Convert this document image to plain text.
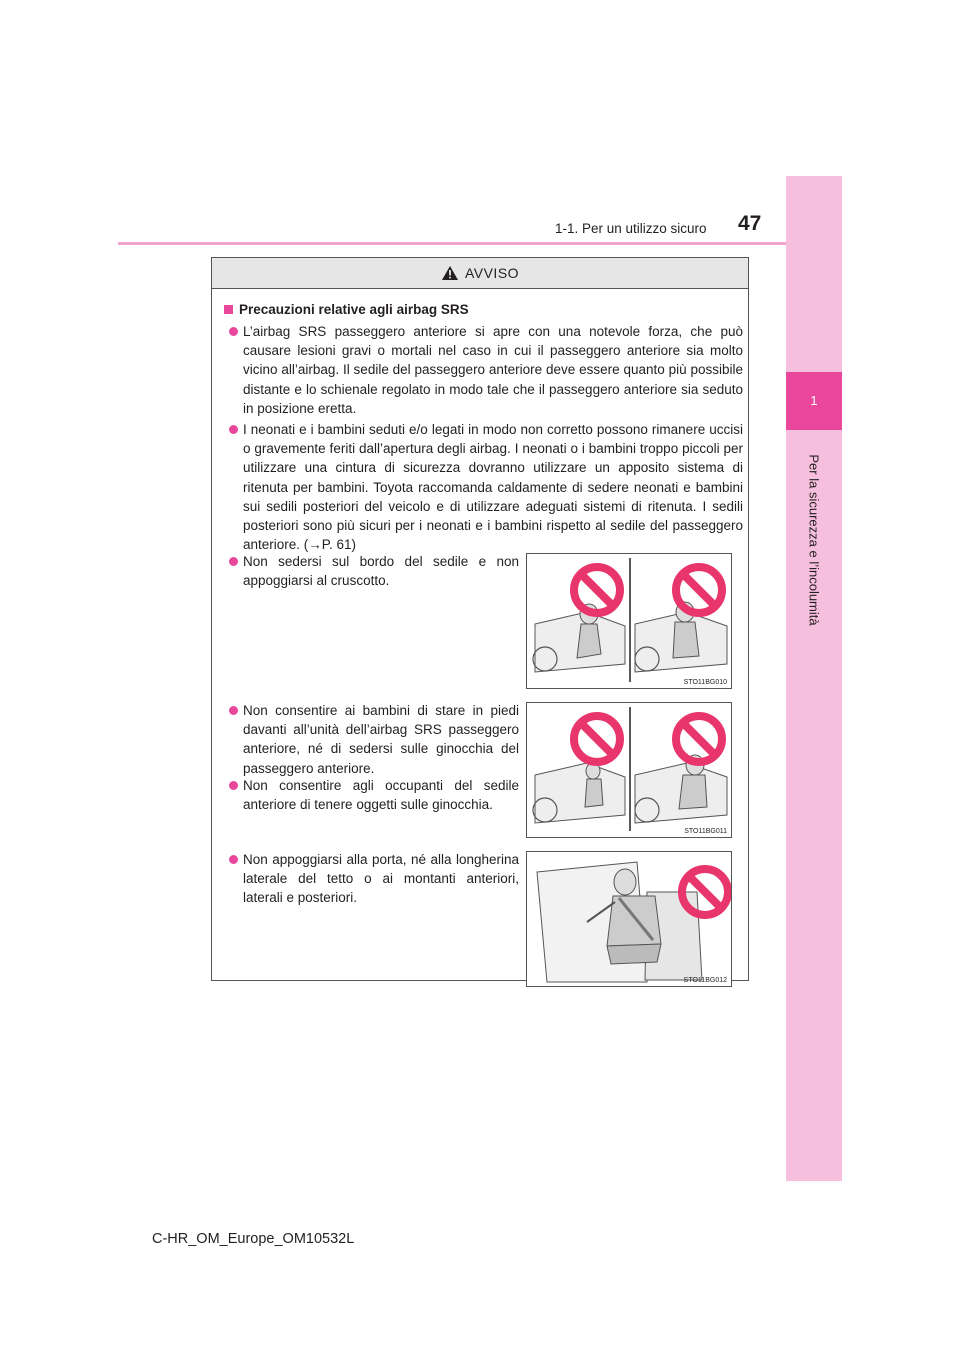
1
Per la sicurezza e l’incolumità
1-1. Per un utilizzo sicuro 47
AVVISO
Precauzioni relative agli airbag SRS
L’airbag SRS passeggero anteriore si apre con una notevole forza, che può causare lesioni gravi o mortali nel caso in cui il passeggero anteriore sia molto vicino all’airbag. Il sedile del passeggero anteriore deve essere quanto più possibile distante e lo schienale regolato in modo tale che il passeggero anteriore sia seduto in posizione eretta.
I neonati e i bambini seduti e/o legati in modo non corretto possono rimanere uccisi o gravemente feriti dall’apertura degli airbag. I neonati o i bambini troppo piccoli per utilizzare una cintura di sicurezza dovranno utilizzare un apposito sistema di ritenuta per bambini. Toyota raccomanda caldamente di sedere neonati e bambini sui sedili posteriori del veicolo e di utilizzare adeguati sistemi di ritenuta. I sedili posteriori sono più sicuri per i neonati e i bambini rispetto al sedile del passeggero anteriore. (→P. 61)
Non sedersi sul bordo del sedile e non appoggiarsi al cruscotto.
Non consentire ai bambini di stare in piedi davanti all’unità dell’airbag SRS passeggero anteriore, né di sedersi sulle ginocchia del passeggero anteriore.
Non consentire agli occupanti del sedile anteriore di tenere oggetti sulle ginocchia.
Non appoggiarsi alla porta, né alla longherina laterale del tetto o ai montanti anteriori, laterali e posteriori.
STO11BG010
STO11BG011
STO11BG012
C-HR_OM_Europe_OM10532L
